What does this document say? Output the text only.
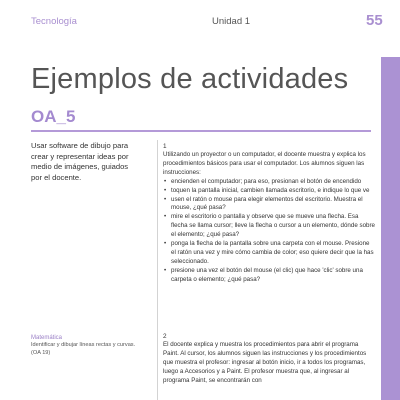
Tecnología	Unidad 1	55
Ejemplos de actividades
OA_5
Usar software de dibujo para crear y representar ideas por medio de imágenes, guiados por el docente.
Matemática
Identificar y dibujar líneas rectas y curvas. (OA 19)
1

Utilizando un proyector o un computador, el docente muestra y explica los procedimientos básicos para usar el computador. Los alumnos siguen las instrucciones:

• encienden el computador; para eso, presionan el botón de encendido
• toquen la pantalla inicial, cambien llamada escritorio, e indique lo que ve
• usen el ratón o mouse para elegir elementos del escritorio. Muestra el mouse, ¿qué pasa?
• mire el escritorio o pantalla y observe que se mueve una flecha. Esa flecha se llama cursor; lleve la flecha o cursor a un elemento, dónde sobre el elemento; ¿qué pasa?
• ponga la flecha de la pantalla sobre una carpeta con el mouse. Presione el ratón una vez y mire cómo cambia de color; eso quiere decir que la has seleccionado.
• presione una vez el botón del mouse (el clic) que hace 'clic' sobre una carpeta o elemento; ¿qué pasa?
2

El docente explica y muestra los procedimientos para abrir el programa Paint. Al cursor, los alumnos siguen las instrucciones y los procedimientos que muestra el profesor: ingresar al botón inicio, ir a todos los programas, luego a Accesorios y a Paint. El profesor muestra que, al ingresar al programa Paint, se encontrarán con
